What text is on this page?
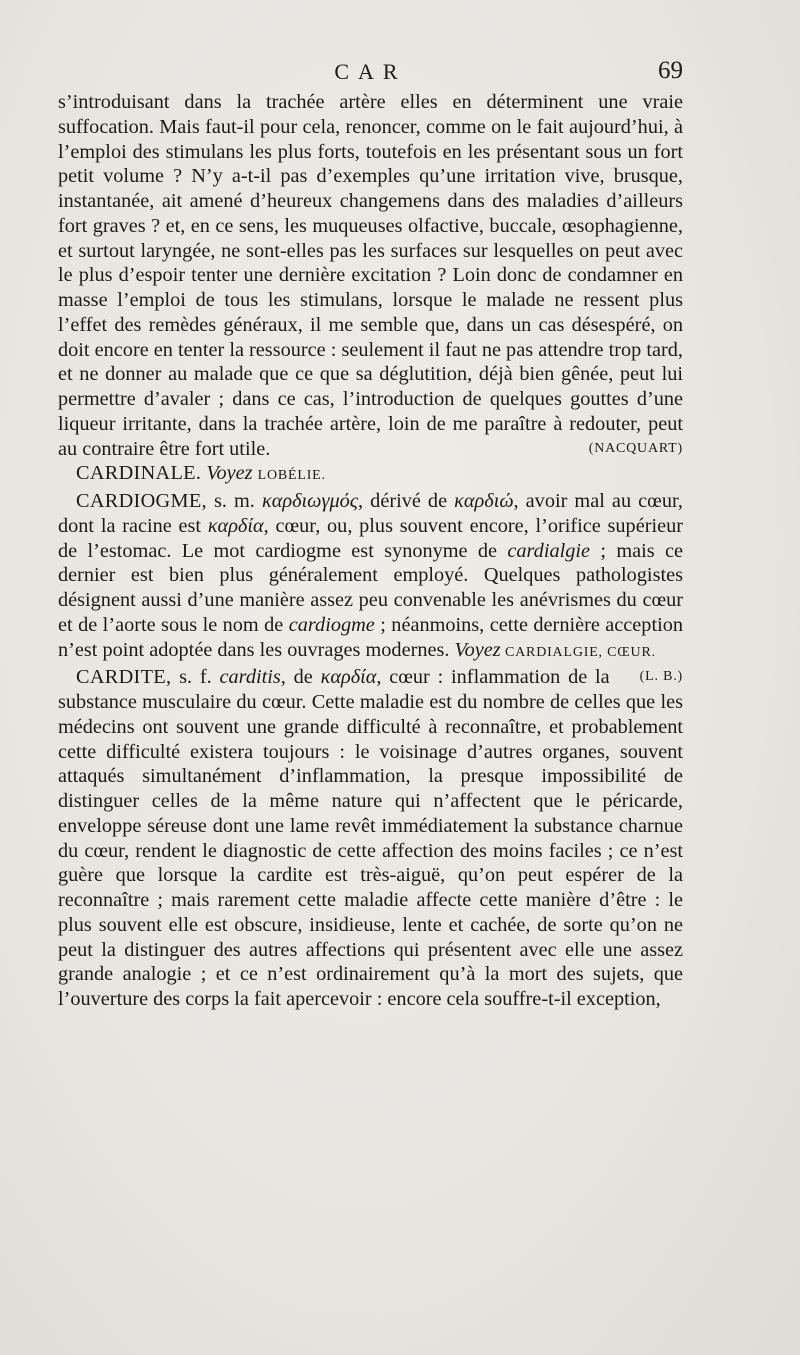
CAR	69

s’introduisant dans la trachée artère elles en déterminent une vraie suffocation. Mais faut-il pour cela, renoncer, comme on le fait aujourd’hui, à l’emploi des stimulans les plus forts, toutefois en les présentant sous un fort petit volume ? N’y a-t-il pas d’exemples qu’une irritation vive, brusque, instantanée, ait amené d’heureux changemens dans des maladies d’ailleurs fort graves ? et, en ce sens, les muqueuses olfactive, buccale, œsophagienne, et surtout laryngée, ne sont-elles pas les surfaces sur lesquelles on peut avec le plus d’espoir tenter une dernière excitation ? Loin donc de condamner en masse l’emploi de tous les stimulans, lorsque le malade ne ressent plus l’effet des remèdes généraux, il me semble que, dans un cas désespéré, on doit encore en tenter la ressource : seulement il faut ne pas attendre trop tard, et ne donner au malade que ce que sa déglutition, déjà bien gênée, peut lui permettre d’avaler ; dans ce cas, l’introduction de quelques gouttes d’une liqueur irritante, dans la trachée artère, loin de me paraître à redouter, peut au contraire être fort utile.
(	NACQUART )

CARDINALE. Voyez LOBÉLIE.

CARDIOGME, s. m. καρδιωγμός, dérivé de καρδιώ, avoir mal au cœur, dont la racine est καρδία, cœur, ou, plus souvent encore, l’orifice supérieur de l’estomac. Le mot cardiogme est synonyme de cardialgie ; mais ce dernier est bien plus généralement employé. Quelques pathologistes désignent aussi d’une manière assez peu convenable les anévrismes du cœur et de l’aorte sous le nom de cardiogme ; néanmoins, cette dernière acception n’est point adoptée dans les ouvrages modernes. Voyez CARDIALGIE, CŒUR.
( L. B. )

CARDITE, s. f. carditis, de καρδία, cœur : inflammation de la substance musculaire du cœur. Cette maladie est du nombre de celles que les médecins ont souvent une grande difficulté à reconnaître, et probablement cette difficulté existera toujours : le voisinage d’autres organes, souvent attaqués simultanément d’inflammation, la presque impossibilité de distinguer celles de la même nature qui n’affectent que le péricarde, enveloppe séreuse dont une lame revêt immédiatement la substance charnue du cœur, rendent le diagnostic de cette affection des moins faciles ; ce n’est guère que lorsque la cardite est très-aiguë, qu’on peut espérer de la reconnaître ; mais rarement cette maladie affecte cette manière d’être : le plus souvent elle est obscure, insidieuse, lente et cachée, de sorte qu’on ne peut la distinguer des autres affections qui présentent avec elle une assez grande analogie ; et ce n’est ordinairement qu’à la mort des sujets, que l’ouverture des corps la fait apercevoir : encore cela souffre-t-il exception,
